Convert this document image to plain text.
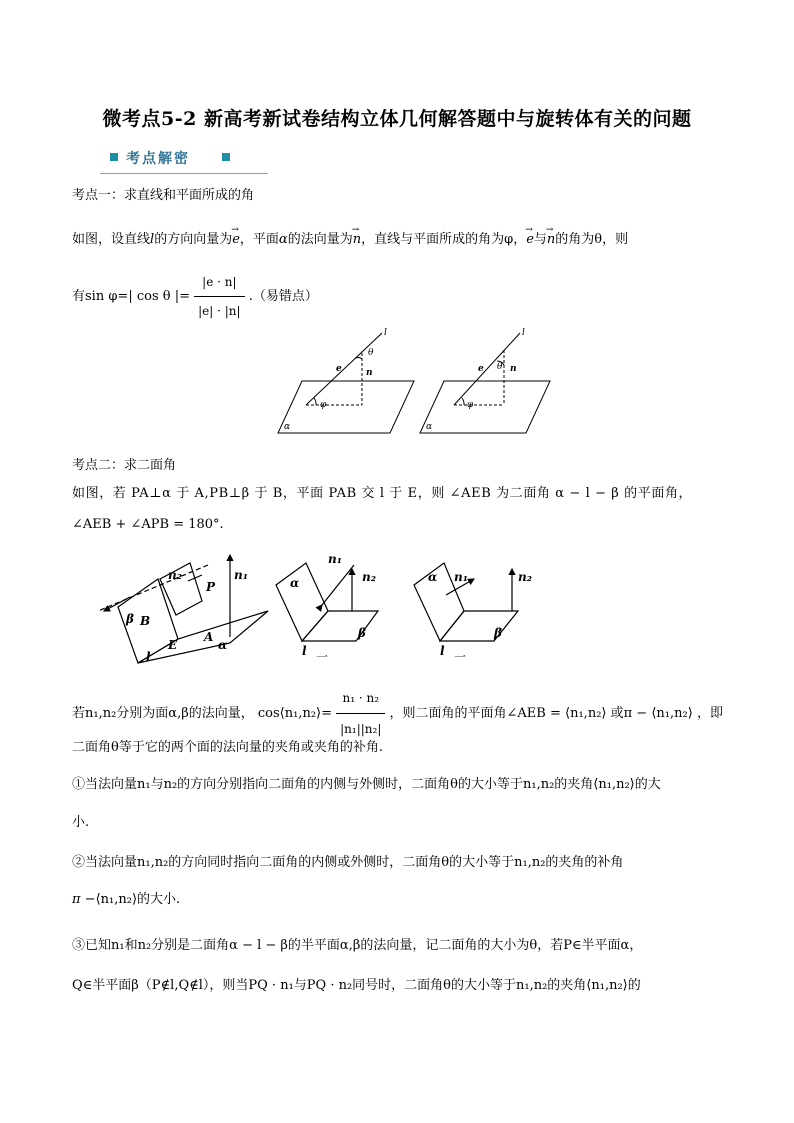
微考点5-2 新高考新试卷结构立体几何解答题中与旋转体有关的问题
考点解密
考点一：求直线和平面所成的角
如图，设直线l的方向向量为→ e，平面α的法向量为→ n，直线与平面所成的角为φ，→ e与→ n的角为θ，则
有sin φ=| cos θ |= $\frac{|e \cdot n|}{|e| \cdot |n|}$ .（易错点）
l
θ
e	n
φ
α
l
θ
e	n
φ
α
考点二：求二面角
如图，若 PA⊥α 于 A,PB⊥β 于 B，平面 PAB 交 l 于 E，则 ∠AEB 为二面角 α − l − β 的平面角，
∠AEB + ∠APB = 180°.
n₂	n₁
P
β B
E
A
α
l
n₁
n₂
α
β
l 一
α n₁	n₂
β
l 一
若n₁,n₂分别为面α,β的法向量， cos⟨n₁,n₂⟩= $\frac{\text{n₁ · n₂}}{\text{|n₁||n₂|}}$ ，则二面角的平面角∠AEB = ⟨n₁,n₂⟩ 或π − ⟨n₁,n₂⟩ ，即
二面角θ等于它的两个面的法向量的夹角或夹角的补角.
①当法向量n₁与n₂的方向分别指向二面角的内侧与外侧时，二面角θ的大小等于n₁,n₂的夹角⟨n₁,n₂⟩的大
小.
②当法向量n₁,n₂的方向同时指向二面角的内侧或外侧时，二面角θ的大小等于n₁,n₂的夹角的补角
π −⟨n₁,n₂⟩的大小.
③已知n₁和n₂分别是二面角α − l − β的半平面α,β的法向量，记二面角的大小为θ，若P∈半平面α，
Q∈半平面β（P∉l,Q∉l），则当PQ · n₁与PQ · n₂同号时，二面角θ的大小等于n₁,n₂的夹角⟨n₁,n₂⟩的
